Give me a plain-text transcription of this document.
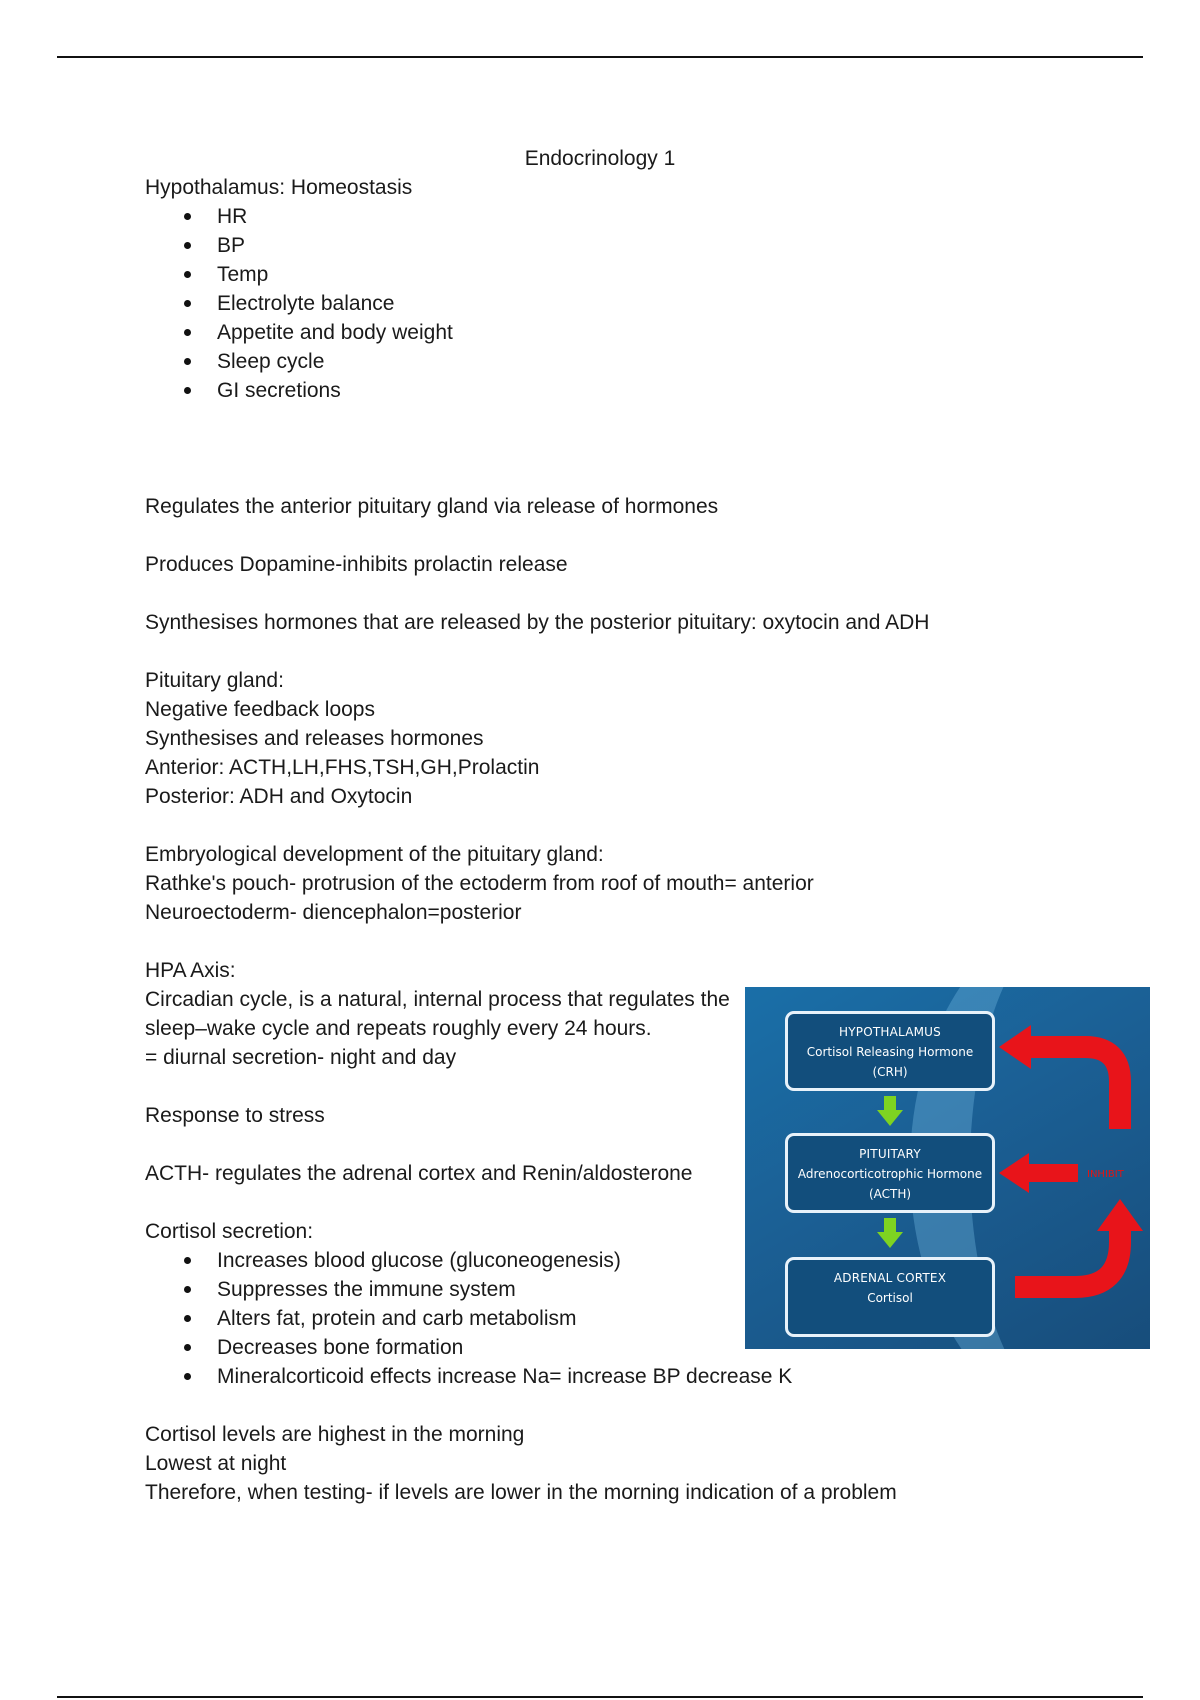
Endocrinology 1

Hypothalamus: Homeostasis

HR
BP
Temp
Electrolyte balance
Appetite and body weight
Sleep cycle
GI secretions

Regulates the anterior pituitary gland via release of hormones

Produces Dopamine-inhibits prolactin release

Synthesises hormones that are released by the posterior pituitary: oxytocin and ADH

Pituitary gland:

Negative feedback loops

Synthesises and releases hormones

Anterior: ACTH,LH,FHS,TSH,GH,Prolactin

Posterior: ADH and Oxytocin

Embryological development of the pituitary gland:

Rathke's pouch- protrusion of the ectoderm from roof of mouth= anterior

Neuroectoderm- diencephalon=posterior

HPA Axis:

Circadian cycle, is a natural, internal process that regulates the sleep–wake cycle and repeats roughly every 24 hours.

= diurnal secretion- night and day

Response to stress

ACTH- regulates the adrenal cortex and Renin/aldosterone

Cortisol secretion:

Increases blood glucose (gluconeogenesis)
Suppresses the immune system
Alters fat, protein and carb metabolism
Decreases bone formation
Mineralcorticoid effects increase Na= increase BP decrease K

Cortisol levels are highest in the morning

Lowest at night

Therefore, when testing- if levels are lower in the morning indication of a problem

HYPOTHALAMUS
Cortisol Releasing Hormone
(CRH)
PITUITARY
Adrenocorticotrophic Hormone
(ACTH)
ADRENAL CORTEX
Cortisol
INHIBIT
